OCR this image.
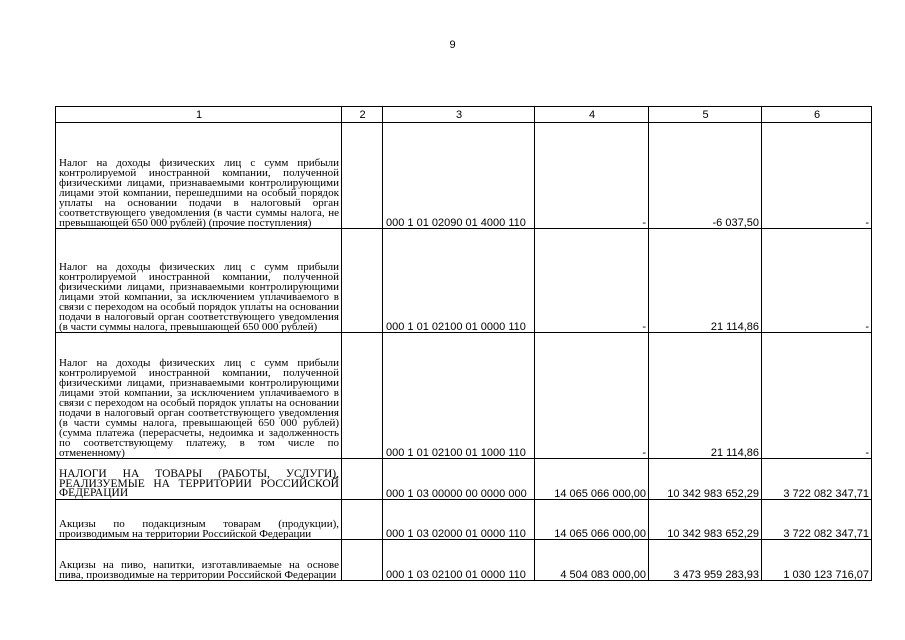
9
1	2	3	4	5	6
Налог на доходы физических лиц с сумм прибыли контролируемой иностранной компании, полученной физическими лицами, признаваемыми контролирующими лицами этой компании, перешедшими на особый порядок уплаты на основании подачи в налоговый орган соответствующего уведомления (в части суммы налога, не превышающей 650 000 рублей) (прочие поступления)		000 1 01 02090 01 4000 110	-	-6 037,50	-
Налог на доходы физических лиц с сумм прибыли контролируемой иностранной компании, полученной физическими лицами, признаваемыми контролирующими лицами этой компании, за исключением уплачиваемого в связи с переходом на особый порядок уплаты на основании подачи в налоговый орган соответствующего уведомления (в части суммы налога, превышающей 650 000 рублей)		000 1 01 02100 01 0000 110	-	21 114,86	-
Налог на доходы физических лиц с сумм прибыли контролируемой иностранной компании, полученной физическими лицами, признаваемыми контролирующими лицами этой компании, за исключением уплачиваемого в связи с переходом на особый порядок уплаты на основании подачи в налоговый орган соответствующего уведомления (в части суммы налога, превышающей 650 000 рублей) (сумма платежа (перерасчеты, недоимка и задолженность по соответствующему платежу, в том числе по отмененному)		000 1 01 02100 01 1000 110	-	21 114,86	-
НАЛОГИ НА ТОВАРЫ (РАБОТЫ, УСЛУГИ), РЕАЛИЗУЕМЫЕ НА ТЕРРИТОРИИ РОССИЙСКОЙ ФЕДЕРАЦИИ		000 1 03 00000 00 0000 000	14 065 066 000,00	10 342 983 652,29	3 722 082 347,71
Акцизы по подакцизным товарам (продукции), производимым на территории Российской Федерации		000 1 03 02000 01 0000 110	14 065 066 000,00	10 342 983 652,29	3 722 082 347,71
Акцизы на пиво, напитки, изготавливаемые на основе пива, производимые на территории Российской Федерации		000 1 03 02100 01 0000 110	4 504 083 000,00	3 473 959 283,93	1 030 123 716,07
